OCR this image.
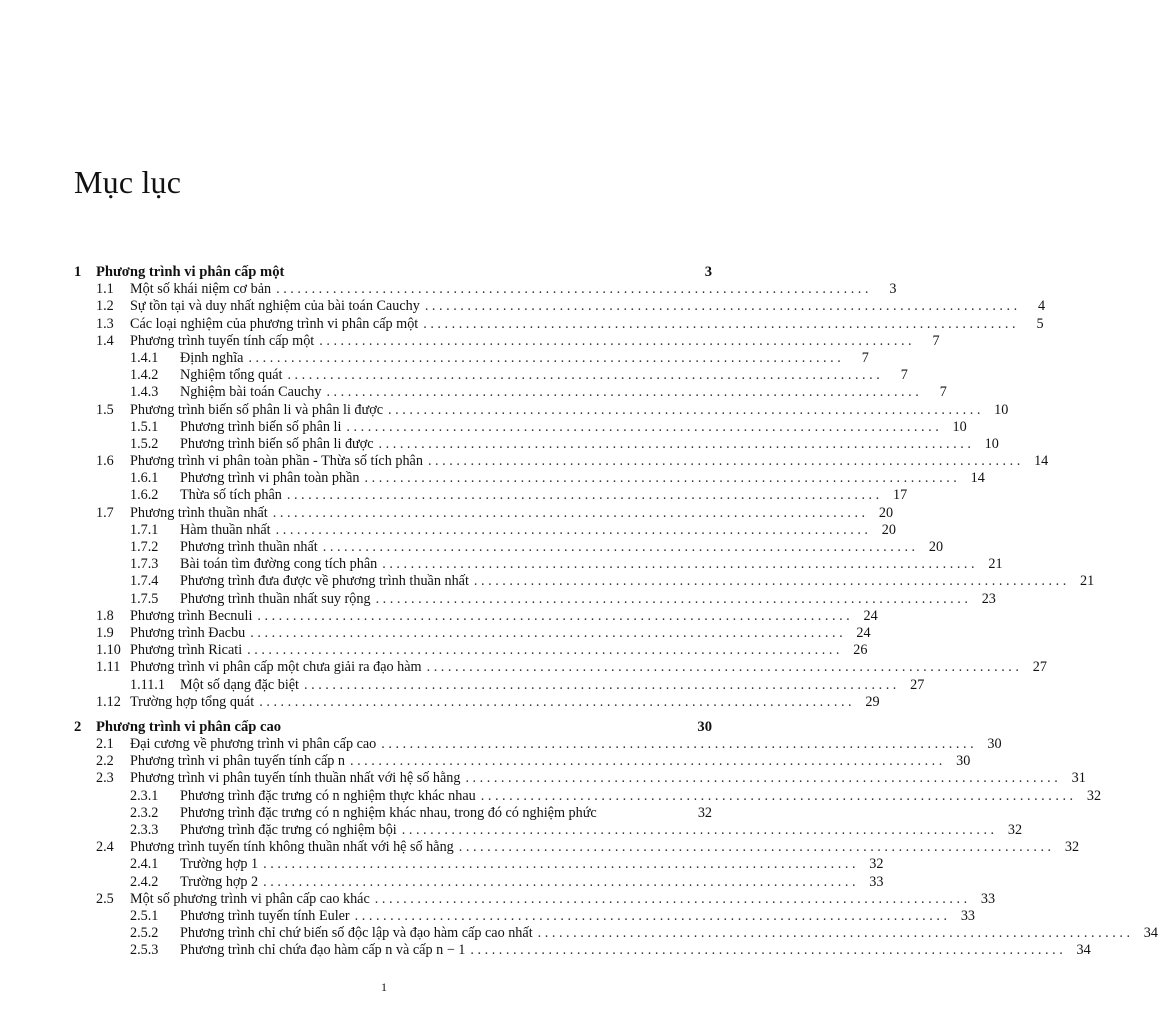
Mục lục
1	Phương trình vi phân cấp một	3
1.1	Một số khái niệm cơ bản . . .	3
1.2	Sự tồn tại và duy nhất nghiệm của bài toán Cauchy . . .	4
1.3	Các loại nghiệm của phương trình vi phân cấp một . . .	5
1.4	Phương trình tuyến tính cấp một . . .	7
1.4.1	Định nghĩa . . .	7
1.4.2	Nghiệm tổng quát . . .	7
1.4.3	Nghiệm bài toán Cauchy . . .	7
1.5	Phương trình biến số phân li và phân li được . . .	10
1.5.1	Phương trình biến số phân li . . .	10
1.5.2	Phương trình biến số phân li được . . .	10
1.6	Phương trình vi phân toàn phần - Thừa số tích phân . . .	14
1.6.1	Phương trình vi phân toàn phần . . .	14
1.6.2	Thừa số tích phân . . .	17
1.7	Phương trình thuần nhất . . .	20
1.7.1	Hàm thuần nhất . . .	20
1.7.2	Phương trình thuần nhất . . .	20
1.7.3	Bài toán tìm đường cong tích phân . . .	21
1.7.4	Phương trình đưa được về phương trình thuần nhất . . .	21
1.7.5	Phương trình thuần nhất suy rộng . . .	23
1.8	Phương trình Becnuli . . .	24
1.9	Phương trình Đacbu . . .	24
1.10 Phương trình Ricati . . .	26
1.11 Phương trình vi phân cấp một chưa giải ra đạo hàm . . .	27
1.11.1	Một số dạng đặc biệt . . .	27
1.12 Trường hợp tổng quát . . .	29
2	Phương trình vi phân cấp cao	30
2.1	Đại cương về phương trình vi phân cấp cao . . .	30
2.2	Phương trình vi phân tuyến tính cấp n . . .	30
2.3	Phương trình vi phân tuyến tính thuần nhất với hệ số hằng . . .	31
2.3.1	Phương trình đặc trưng có n nghiệm thực khác nhau . . .	32
2.3.2	Phương trình đặc trưng có n nghiệm khác nhau, trong đó có nghiệm phức	32
2.3.3	Phương trình đặc trưng có nghiệm bội . . .	32
2.4	Phương trình tuyến tính không thuần nhất với hệ số hằng . . .	32
2.4.1	Trường hợp 1 . . .	32
2.4.2	Trường hợp 2 . . .	33
2.5	Một số phương trình vi phân cấp cao khác . . .	33
2.5.1	Phương trình tuyến tính Euler . . .	33
2.5.2	Phương trình chỉ chứ biến số độc lập và đạo hàm cấp cao nhất . . .	34
2.5.3	Phương trình chỉ chứa đạo hàm cấp n và cấp n − 1 . . .	34
1
